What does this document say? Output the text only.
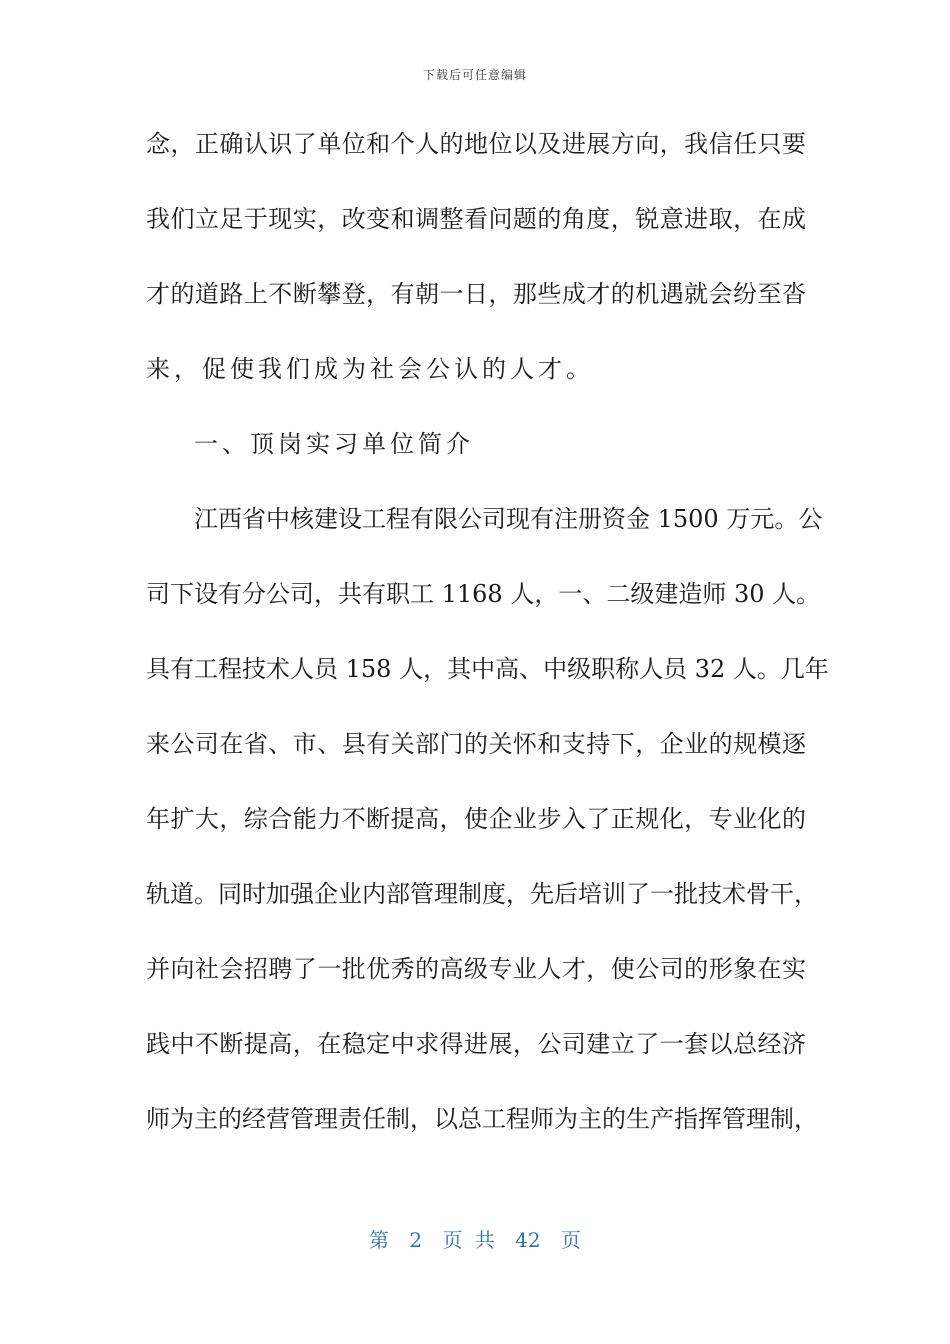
下载后可任意编辑
念，正确认识了单位和个人的地位以及进展方向，我信任只要
我们立足于现实，改变和调整看问题的角度，锐意进取，在成
才的道路上不断攀登，有朝一日，那些成才的机遇就会纷至沓
来，促使我们成为社会公认的人才。
一、顶岗实习单位简介
江西省中核建设工程有限公司现有注册资金 1500 万元。公
司下设有分公司，共有职工 1168 人，一、二级建造师 30 人。
具有工程技术人员 158 人，其中高、中级职称人员 32 人。几年
来公司在省、市、县有关部门的关怀和支持下，企业的规模逐
年扩大，综合能力不断提高，使企业步入了正规化，专业化的
轨道。同时加强企业内部管理制度，先后培训了一批技术骨干，
并向社会招聘了一批优秀的高级专业人才，使公司的形象在实
践中不断提高，在稳定中求得进展，公司建立了一套以总经济
师为主的经营管理责任制，以总工程师为主的生产指挥管理制，
第 2 页 共 42 页
